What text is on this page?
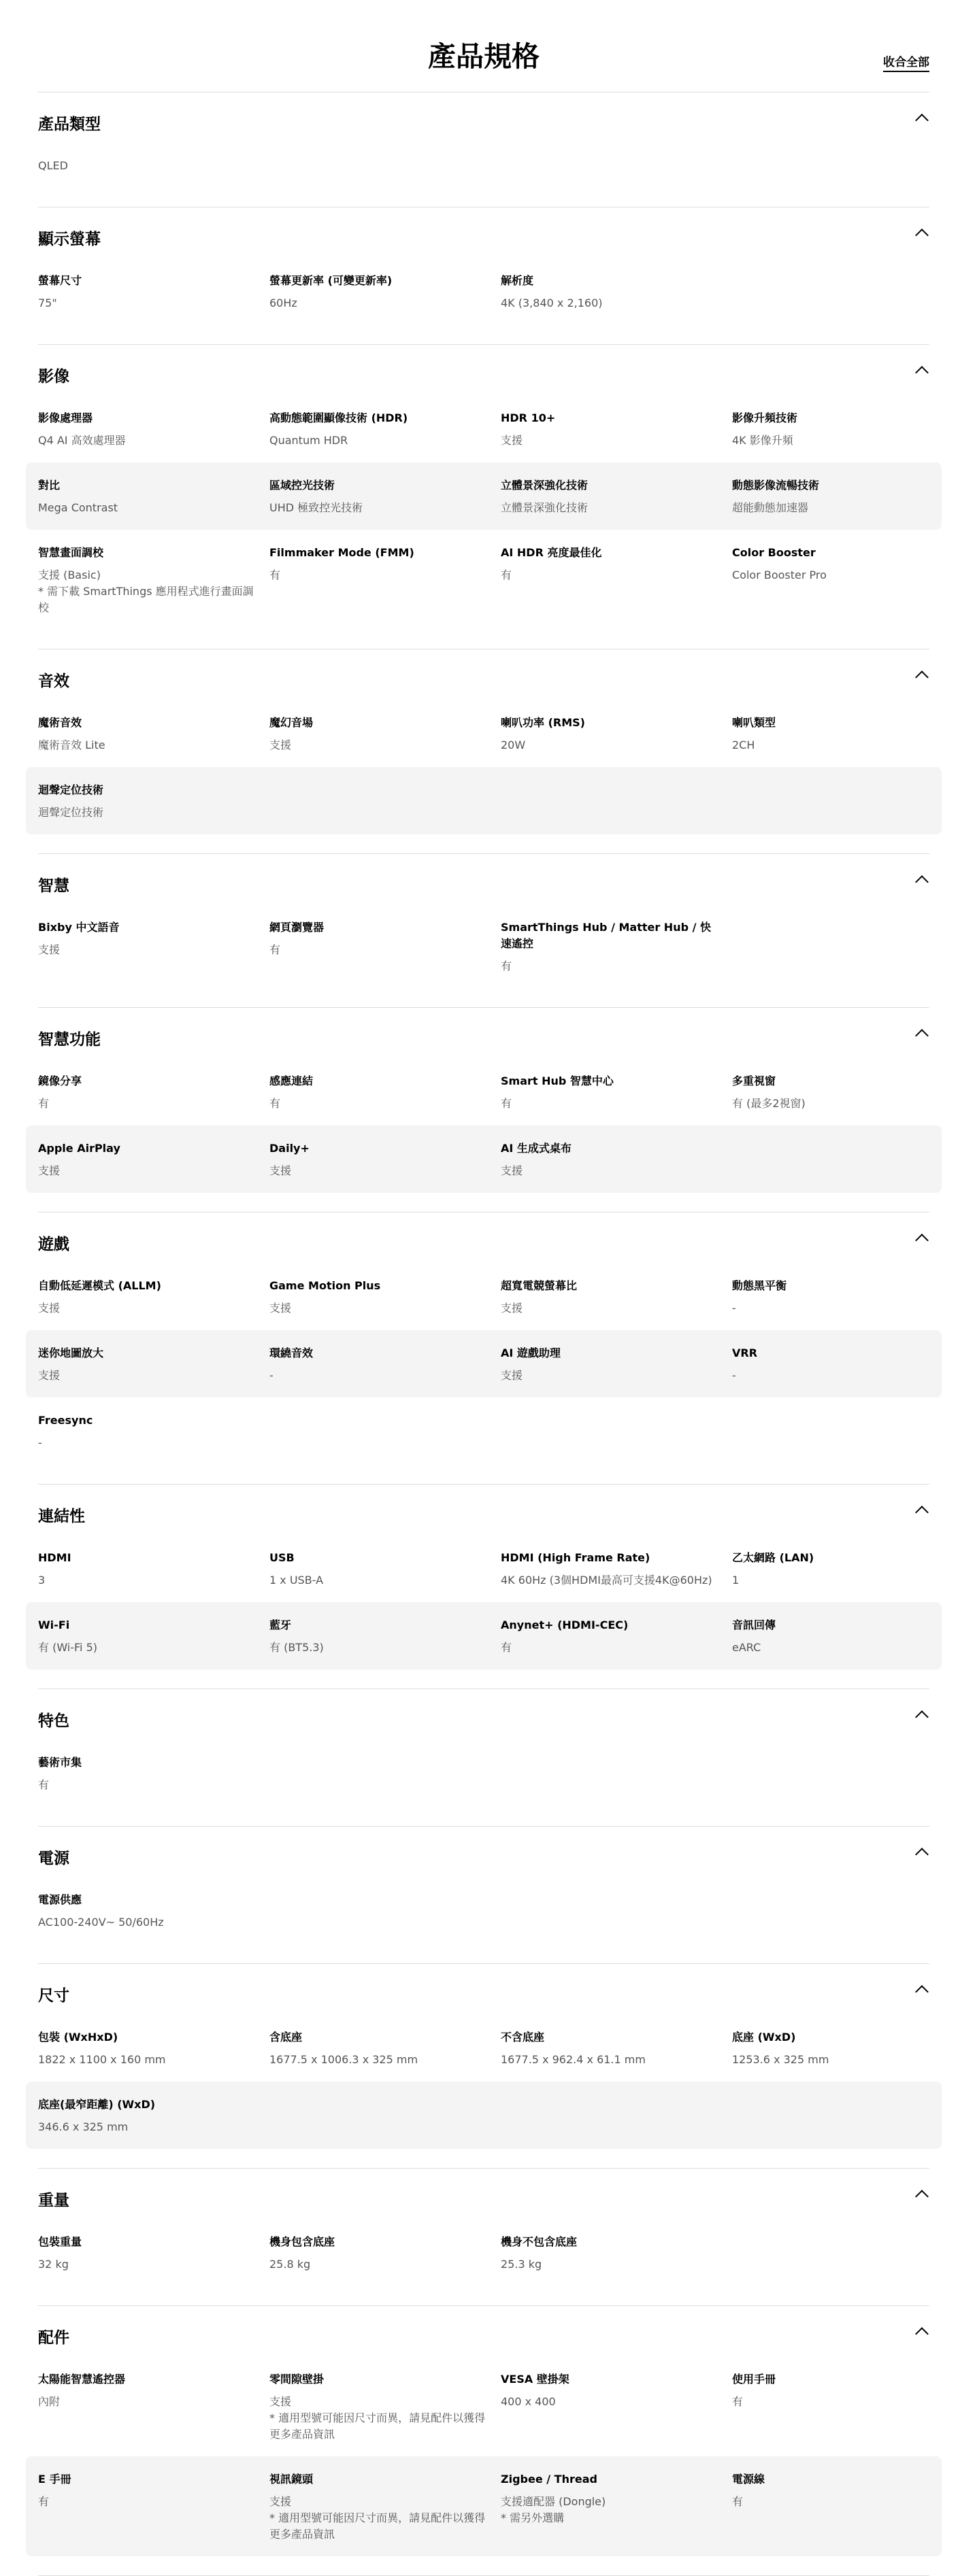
產品規格	收合全部
產品類型
QLED
顯示螢幕
螢幕尺寸
75"
螢幕更新率 (可變更新率)
60Hz
解析度
4K (3,840 x 2,160)
影像
影像處理器
Q4 AI 高效處理器
高動態範圍顯像技術 (HDR)
Quantum HDR
HDR 10+
支援
影像升頻技術
4K 影像升頻
對比
Mega Contrast
區域控光技術
UHD 極致控光技術
立體景深強化技術
立體景深強化技術
動態影像流暢技術
超能動態加速器
智慧畫面調校
支援 (Basic)
* 需下載 SmartThings 應用程式進行畫面調校
Filmmaker Mode (FMM)
有
AI HDR 亮度最佳化
有
Color Booster
Color Booster Pro
音效
魔術音效
魔術音效 Lite
魔幻音場
支援
喇叭功率 (RMS)
20W
喇叭類型
2CH
迴聲定位技術
迴聲定位技術
智慧
Bixby 中文語音
支援
網頁瀏覽器
有
SmartThings Hub / Matter Hub / 快速遙控
有
智慧功能
鏡像分享
有
感應連結
有
Smart Hub 智慧中心
有
多重視窗
有 (最多2視窗)
Apple AirPlay
支援
Daily+
支援
AI 生成式桌布
支援
遊戲
自動低延遲模式 (ALLM)
支援
Game Motion Plus
支援
超寬電競螢幕比
支援
動態黑平衡
-
迷你地圖放大
支援
環繞音效
-
AI 遊戲助理
支援
VRR
-
Freesync
-
連結性
HDMI
3
USB
1 x USB-A
HDMI (High Frame Rate)
4K 60Hz (3個HDMI最高可支援4K@60Hz)
乙太網路 (LAN)
1
Wi-Fi
有 (Wi-Fi 5)
藍牙
有 (BT5.3)
Anynet+ (HDMI-CEC)
有
音訊回傳
eARC
特色
藝術市集
有
電源
電源供應
AC100-240V~ 50/60Hz
尺寸
包裝 (WxHxD)
1822 x 1100 x 160 mm
含底座
1677.5 x 1006.3 x 325 mm
不含底座
1677.5 x 962.4 x 61.1 mm
底座 (WxD)
1253.6 x 325 mm
底座(最窄距離) (WxD)
346.6 x 325 mm
重量
包裝重量
32 kg
機身包含底座
25.8 kg
機身不包含底座
25.3 kg
配件
太陽能智慧遙控器
內附
零間隙壁掛
支援
* 適用型號可能因尺寸而異，請見配件以獲得更多產品資訊
VESA 壁掛架
400 x 400
使用手冊
有
E 手冊
有
視訊鏡頭
支援
* 適用型號可能因尺寸而異，請見配件以獲得更多產品資訊
Zigbee / Thread
支援適配器 (Dongle)
* 需另外選購
電源線
有
